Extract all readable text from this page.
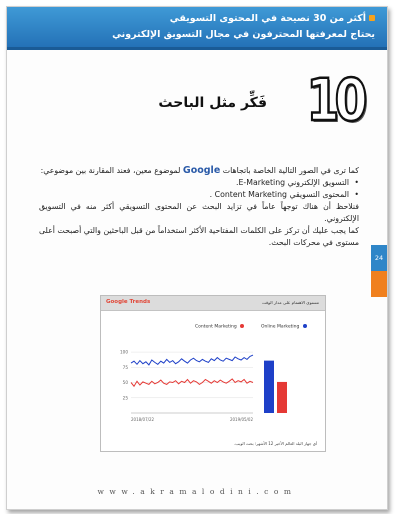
أكثر من 30 نصيحة في المحتوى التسويقي
يحتاج لمعرفتها المحترفون في مجال التسويق الإلكتروني
10
فَكِّر مثل الباحث
24

كما ترى في الصور التالية الخاصة باتجاهات Google لموضوع معين، فعند المقارنة بين موضوعي:

• التسويق الإلكتروني E-Marketing.

• المحتوى التسويقي Content Marketing .

فنلاحظ أن هناك توجهاً عاماً في تزايد البحث عن المحتوى التسويقي أكثر منه في التسويق الإلكتروني.

كما يجب عليك أن تركز على الكلمات المفتاحية الأكثر استخداماً من قبل الباحثين والتي أصبحت أعلى مستوى في محركات البحث.

Google Trends	مستوى الاهتمام على مدار الوقت
Content Marketing	Online Marketing
25
50
75
100
2018/07/22	2019/05/02
أي جهاز البلد العالم الأخير 12 الأشهر؛ بحث الويب.
www.akramalodini.com
